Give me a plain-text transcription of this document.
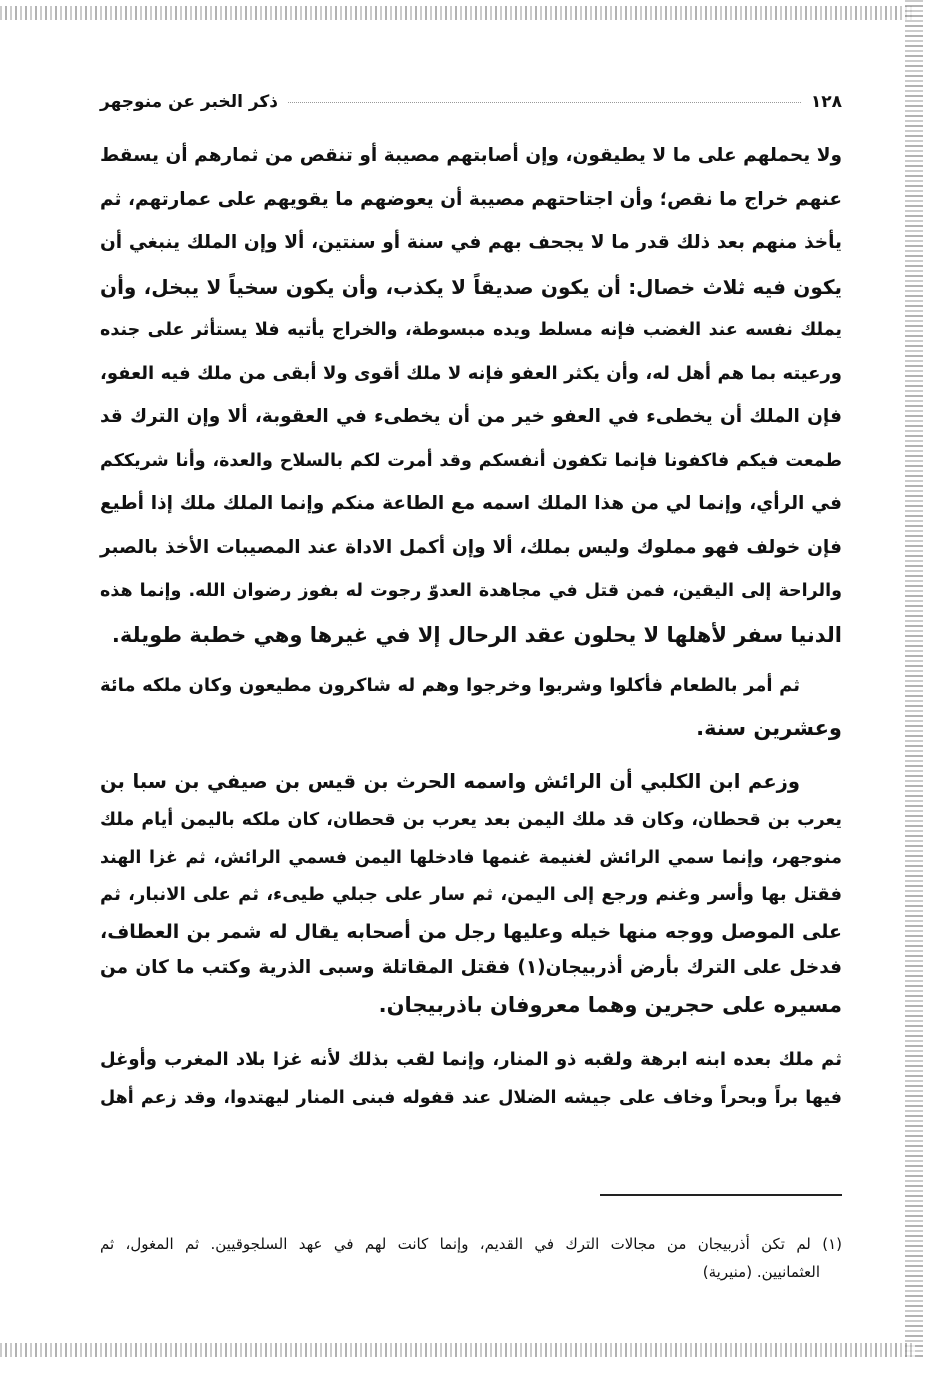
١٢٨
ذكر الخبر عن منوجهر
ولا يحملهم على ما لا يطيقون، وإن أصابتهم مصيبة أو تنقص من ثمارهم أن يسقط
عنهم خراج ما نقص؛ وأن اجتاحتهم مصيبة أن يعوضهم ما يقويهم على عمارتهم، ثم
يأخذ منهم بعد ذلك قدر ما لا يجحف بهم في سنة أو سنتين، ألا وإن الملك ينبغي أن
يكون فيه ثلاث خصال: أن يكون صديقاً لا يكذب، وأن يكون سخياً لا يبخل، وأن
يملك نفسه عند الغضب فإنه مسلط ويده مبسوطة، والخراج يأتيه فلا يستأثر على جنده
ورعيته بما هم أهل له، وأن يكثر العفو فإنه لا ملك أقوى ولا أبقى من ملك فيه العفو،
فإن الملك أن يخطىء في العفو خير من أن يخطىء في العقوبة، ألا وإن الترك قد
طمعت فيكم فاكفونا فإنما تكفون أنفسكم وقد أمرت لكم بالسلاح والعدة، وأنا شريككم
في الرأي، وإنما لي من هذا الملك اسمه مع الطاعة منكم وإنما الملك ملك إذا أطيع
فإن خولف فهو مملوك وليس بملك، ألا وإن أكمل الاداة عند المصيبات الأخذ بالصبر
والراحة إلى اليقين، فمن قتل في مجاهدة العدوّ رجوت له بفوز رضوان الله. وإنما هذه
الدنيا سفر لأهلها لا يحلون عقد الرحال إلا في غيرها وهي خطبة طويلة.
ثم أمر بالطعام فأكلوا وشربوا وخرجوا وهم له شاكرون مطيعون وكان ملكه مائة
وعشرين سنة.
وزعم ابن الكلبي أن الرائش واسمه الحرث بن قيس بن صيفي بن سبا بن
يعرب بن قحطان، وكان قد ملك اليمن بعد يعرب بن قحطان، كان ملكه باليمن أيام ملك
منوجهر، وإنما سمي الرائش لغنيمة غنمها فادخلها اليمن فسمي الرائش، ثم غزا الهند
فقتل بها وأسر وغنم ورجع إلى اليمن، ثم سار على جبلي طيىء، ثم على الانبار، ثم
على الموصل ووجه منها خيله وعليها رجل من أصحابه يقال له شمر بن العطاف،
فدخل على الترك بأرض أذربيجان(١) فقتل المقاتلة وسبى الذرية وكتب ما كان من
مسيره على حجرين وهما معروفان باذربيجان.
ثم ملك بعده ابنه ابرهة ولقبه ذو المنار، وإنما لقب بذلك لأنه غزا بلاد المغرب وأوغل
فيها براً وبحراً وخاف على جيشه الضلال عند قفوله فبنى المنار ليهتدوا، وقد زعم أهل
(١) لم تكن أذربيجان من مجالات الترك في القديم، وإنما كانت لهم في عهد السلجوقيين. ثم المغول، ثم
العثمانيين. (منيرية)
